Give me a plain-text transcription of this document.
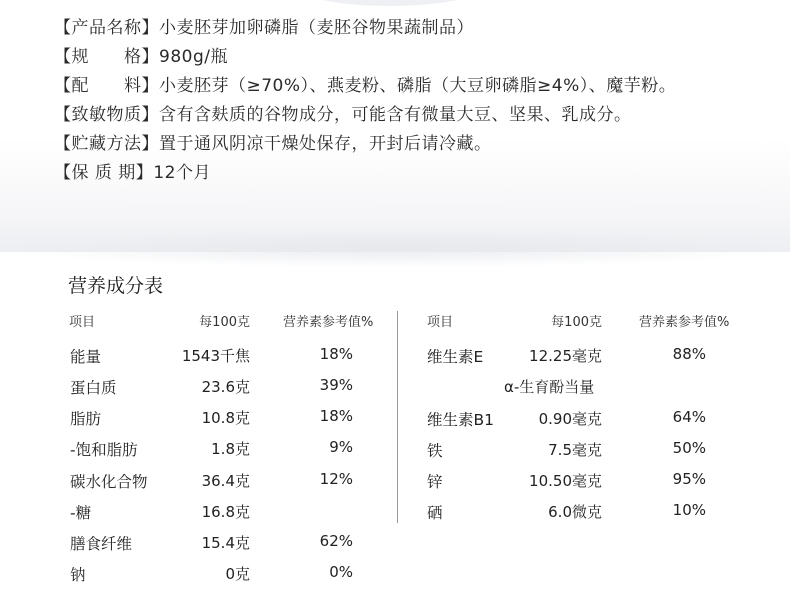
【产品名称】 小麦胚芽加卵磷脂（麦胚谷物果蔬制品）
【规　　格】 980g/瓶
【配　　料】 小麦胚芽（≥70%）、燕麦粉、磷脂（大豆卵磷脂≥4%）、魔芋粉。
【致敏物质】 含有含麸质的谷物成分，可能含有微量大豆、坚果、乳成分。
【贮藏方法】 置于通风阴凉干燥处保存，开封后请冷藏。
【保 质 期】 12个月
营养成分表
项目	每100克	营养素参考值%	项目	每100克	营养素参考值%
能量	1543千焦	18%
蛋白质	23.6克	39%
脂肪	10.8克	18%
-饱和脂肪	1.8克	9%
碳水化合物	36.4克	12%
-糖	16.8克
膳食纤维	15.4克	62%
钠	0克	0%
维生素E	12.25毫克	88%
α-生育酚当量
维生素B1	0.90毫克	64%
铁	7.5毫克	50%
锌	10.50毫克	95%
硒	6.0微克	10%
